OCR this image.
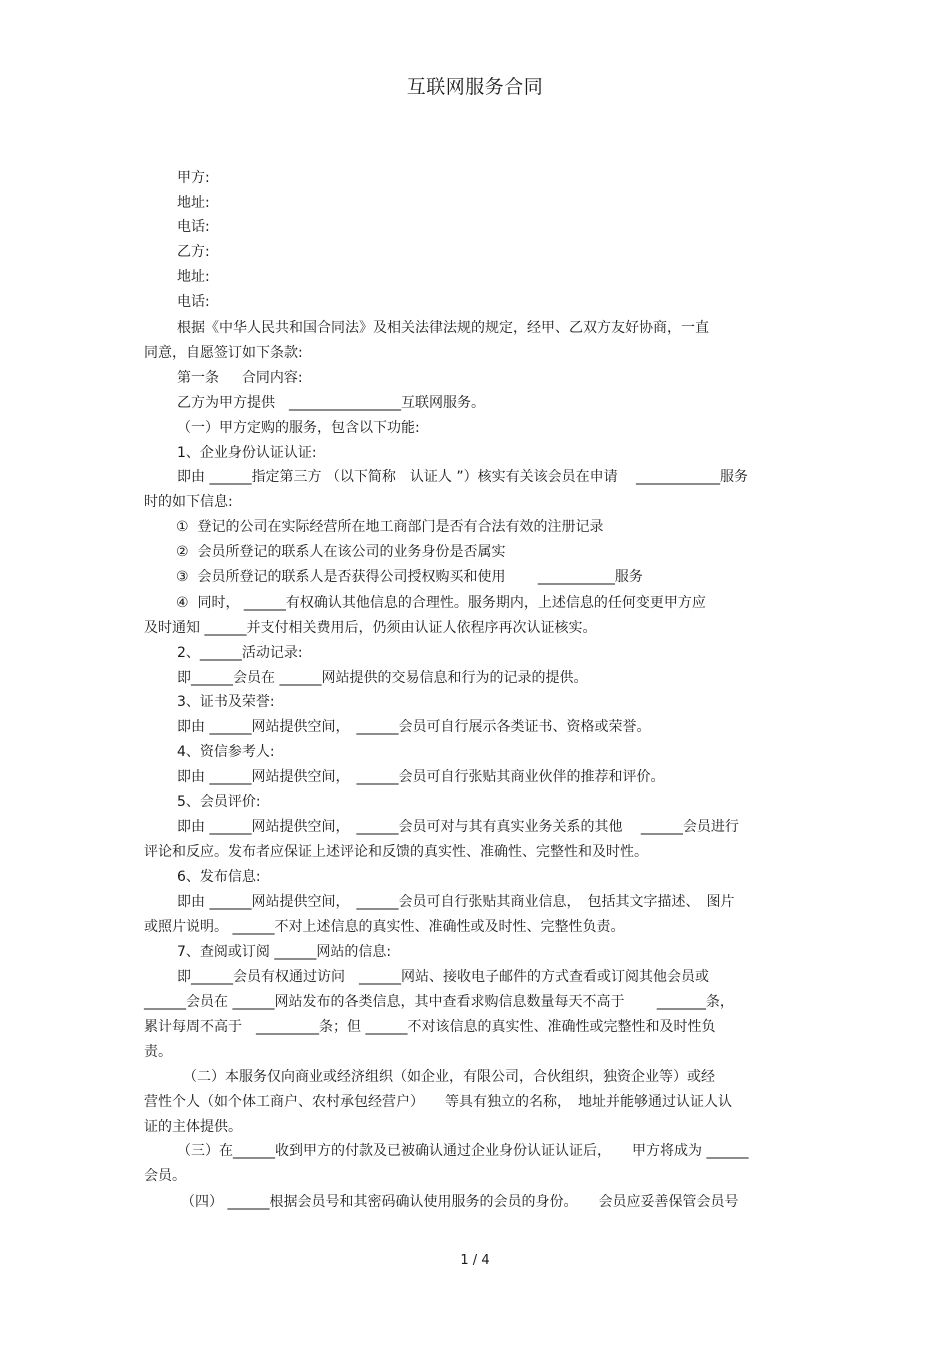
互联网服务合同
甲方:
地址:
电话:
乙方:
地址:
电话:
根据《中华人民共和国合同法》及相关法律法规的规定，经甲、乙双方友好协商，一直
同意，自愿签订如下条款:
第一条　  合同内容:
乙方为甲方提供　________________互联网服务。
（一）甲方定购的服务，包含以下功能:
1、企业身份认证认证:
即由 ______指定第三方 （以下简称　认证人 ”）核实有关该会员在申请　 ____________服务
时的如下信息:
①  登记的公司在实际经营所在地工商部门是否有合法有效的注册记录
②  会员所登记的联系人在该公司的业务身份是否属实
③  会员所登记的联系人是否获得公司授权购买和使用　　 ___________服务
④  同时， ______有权确认其他信息的合理性。服务期内，上述信息的任何变更甲方应
及时通知 ______并支付相关费用后，仍须由认证人依程序再次认证核实。
2、______活动记录:
即______会员在 ______网站提供的交易信息和行为的记录的提供。
3、证书及荣誉:
即由 ______网站提供空间，　______会员可自行展示各类证书、资格或荣誉。
4、资信参考人:
即由 ______网站提供空间，　______会员可自行张贴其商业伙伴的推荐和评价。
5、会员评价:
即由 ______网站提供空间，　______会员可对与其有真实业务关系的其他　 ______会员进行
评论和反应。发布者应保证上述评论和反馈的真实性、准确性、完整性和及时性。
6、发布信息:
即由 ______网站提供空间，　______会员可自行张贴其商业信息，　包括其文字描述、　图片
或照片说明。 ______不对上述信息的真实性、准确性或及时性、完整性负责。
7、查阅或订阅 ______网站的信息:
即______会员有权通过访问　______网站、接收电子邮件的方式查看或订阅其他会员或
______会员在 ______网站发布的各类信息，其中查看求购信息数量每天不高于　　 _______条，
累计每周不高于　_________条；但 ______不对该信息的真实性、准确性或完整性和及时性负
责。
（二）本服务仅向商业或经济组织（如企业，有限公司，合伙组织，独资企业等）或经
营性个人（如个体工商户、农村承包经营户）　　等具有独立的名称，　地址并能够通过认证人认
证的主体提供。
（三）在______收到甲方的付款及已被确认通过企业身份认证认证后，　　甲方将成为 ______
会员。
（四） ______根据会员号和其密码确认使用服务的会员的身份。　　会员应妥善保管会员号
1 / 4
